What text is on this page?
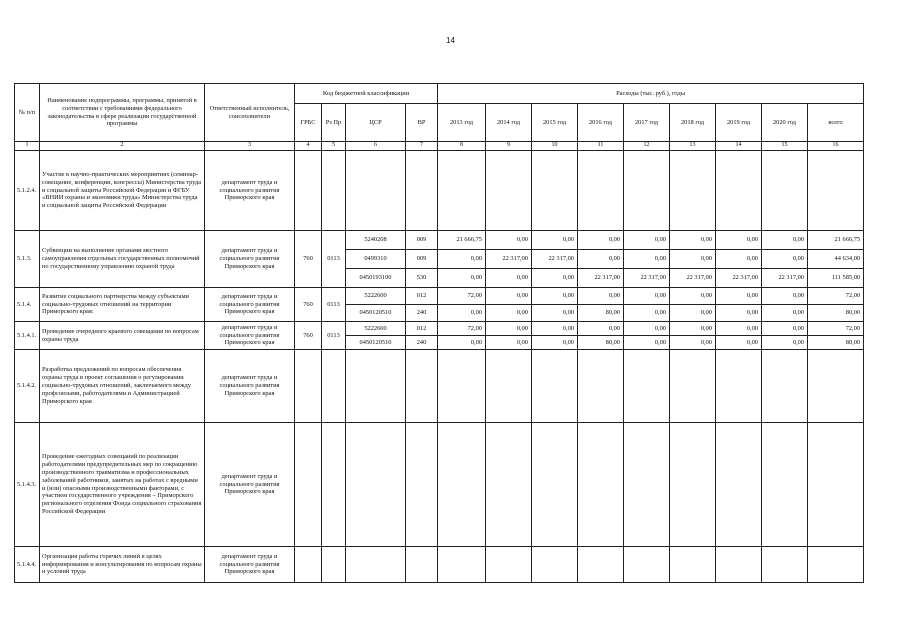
14
№ п/п	Наименование подпрограммы, программы, принятой в соответствии с требованиями федерального законодательства в сфере реализации государственной программы	Ответственный исполнитель, соисполнители	Код бюджетной классификации				Расходы (тыс. руб.), годы								
			ГРБС	Рз Пр	ЦСР	ВР	2013 год	2014 год	2015 год	2016 год	2017 год	2018 год	2019 год	2020 год	всего
1	2	3	4	5	6	7	8	9	10	11	12	13	14	15	16
5.1.2.4.	Участие в научно-практических мероприятиях (семинар-совещание, конференции, конгрессы) Министерства труда и социальной защиты Российской Федерации и ФГБУ «ВНИИ охраны и экономики труда» Министерства труда и социальной защиты Российской Федерации	департамент труда и социального развития Приморского края													
5.1.3.	Субвенции на выполнение органами местного самоуправления отдельных государственных полномочий по государственному управлению охраной труда	департамент труда и социального развития Приморского края	760	0113	5240208	009	21 666,75	0,00	0,00	0,00	0,00	0,00	0,00	0,00	21 666,75
					0499310	009	0,00	22 317,00	22 317,00	0,00	0,00	0,00	0,00	0,00	44 634,00
					0450193100	530	0,00	0,00	0,00	22 317,00	22 317,00	22 317,00	22 317,00	22 317,00	111 585,00
5.1.4.	Развитие социального партнерства между субъектами социально-трудовых отношений на территории Приморского края:	департамент труда и социального развития Приморского края	760	0113	5222600	012	72,00	0,00	0,00	0,00	0,00	0,00	0,00	0,00	72,00
					0450120510	240	0,00	0,00	0,00	80,00	0,00	0,00	0,00	0,00	80,00
5.1.4.1.	Проведение очередного краевого совещания по вопросам охраны труда	департамент труда и социального развития Приморского края	760	0113	5222600	012	72,00	0,00	0,00	0,00	0,00	0,00	0,00	0,00	72,00
					0450120510	240	0,00	0,00	0,00	80,00	0,00	0,00	0,00	0,00	80,00
5.1.4.2.	Разработка предложений по вопросам обеспечения охраны труда в проект соглашения о регулировании социально-трудовых отношений, заключаемого между профсоюзами, работодателями и Администрацией Приморского края	департамент труда и социального развития Приморского края													
5.1.4.3.	Проведение ежегодных совещаний по реализации работодателями предупредительных мер по сокращению производственного травматизма и профессиональных заболеваний работников, занятых на работах с вредными и (или) опасными производственными факторами, с участием государственного учреждения – Приморского регионального отделения Фонда социального страхования Российской Федерации	департамент труда и социального развития Приморского края													
5.1.4.4.	Организация работы горячих линий в целях информирования и консультирования по вопросам охраны и условий труда	департамент труда и социального развития Приморского края													
